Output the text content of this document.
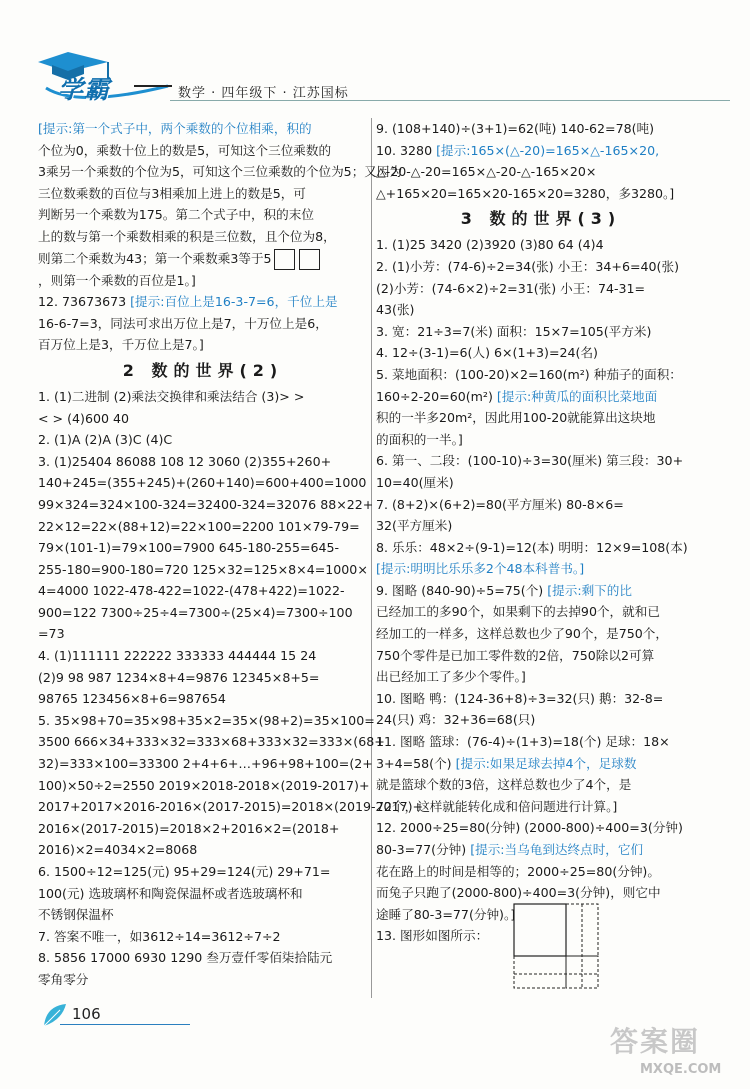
学霸	数学 · 四年级下 · 江苏国标
[提示:第一个式子中，两个乘数的个位相乘，积的
个位为0，乘数十位上的数是5，可知这个三位乘数的
3乘另一个乘数的个位为5，可知这个三位乘数的个位为5；又因为
三位数乘数的百位与3相乘加上进上的数是5，可
判断另一个乘数为175。第二个式子中，积的末位
上的数与第一个乘数相乘的积是三位数，且个位为8，
则第二个乘数为43；第一个乘数乘3等于5
，则第一个乘数的百位是1。]
12. 73673673 [提示:百位上是16-3-7=6，千位上是
16-6-7=3，同法可求出万位上是7，十万位上是6，
百万位上是3，千万位上是7。]
2 数的世界(2)
1. (1)二进制 (2)乘法交换律和乘法结合 (3)> >
< > (4)600 40
2. (1)A (2)A (3)C (4)C
3. (1)25404 86088 108 12 3060 (2)355+260+
140+245=(355+245)+(260+140)=600+400=1000
99×324=324×100-324=32400-324=32076 88×22+
22×12=22×(88+12)=22×100=2200 101×79-79=
79×(101-1)=79×100=7900 645-180-255=645-
255-180=900-180=720 125×32=125×8×4=1000×
4=4000 1022-478-422=1022-(478+422)=1022-
900=122 7300÷25÷4=7300÷(25×4)=7300÷100
=73
4. (1)111111 222222 333333 444444 15 24
(2)9 98 987 1234×8+4=9876 12345×8+5=
98765 123456×8+6=987654
5. 35×98+70=35×98+35×2=35×(98+2)=35×100=
3500 666×34+333×32=333×68+333×32=333×(68+
32)=333×100=33300 2+4+6+…+96+98+100=(2+
100)×50÷2=2550 2019×2018-2018×(2019-2017)+
2017+2017×2016-2016×(2017-2015)=2018×(2019-2017)+
2016×(2017-2015)=2018×2+2016×2=(2018+
2016)×2=4034×2=8068
6. 1500÷12=125(元) 95+29=124(元) 29+71=
100(元) 选玻璃杯和陶瓷保温杯或者选玻璃杯和
不锈钢保温杯
7. 答案不唯一，如3612÷14=3612÷7÷2
8. 5856 17000 6930 1290 叁万壹仟零佰柒拾陆元
零角零分
9. (108+140)÷(3+1)=62(吨) 140-62=78(吨)
10. 3280 [提示:165×(△-20)=165×△-165×20,
△-20-△-20=165×△-20-△-165×20×
△+165×20=165×20-165×20=3280，多3280。]
3 数的世界(3)
1. (1)25 3420 (2)3920 (3)80 64 (4)4
2. (1)小芳：(74-6)÷2=34(张) 小王：34+6=40(张)
(2)小芳：(74-6×2)÷2=31(张) 小王：74-31=
43(张)
3. 宽：21÷3=7(米) 面积：15×7=105(平方米)
4. 12÷(3-1)=6(人) 6×(1+3)=24(名)
5. 菜地面积：(100-20)×2=160(m²) 种茄子的面积：
160÷2-20=60(m²) [提示:种黄瓜的面积比菜地面
积的一半多20m²，因此用100-20就能算出这块地
的面积的一半。]
6. 第一、二段：(100-10)÷3=30(厘米) 第三段：30+
10=40(厘米)
7. (8+2)×(6+2)=80(平方厘米) 80-8×6=
32(平方厘米)
8. 乐乐：48×2÷(9-1)=12(本) 明明：12×9=108(本)
[提示:明明比乐乐多2个48本科普书。]
9. 图略 (840-90)÷5=75(个) [提示:剩下的比
已经加工的多90个，如果剩下的去掉90个，就和已
经加工的一样多，这样总数也少了90个，是750个，
750个零件是已加工零件数的2倍，750除以2可算
出已经加工了多少个零件。]
10. 图略 鸭：(124-36+8)÷3=32(只) 鹅：32-8=
24(只) 鸡：32+36=68(只)
11. 图略 篮球：(76-4)÷(1+3)=18(个) 足球：18×
3+4=58(个) [提示:如果足球去掉4个，足球数
就是篮球个数的3倍，这样总数也少了4个，是
72个，这样就能转化成和倍问题进行计算。]
12. 2000÷25=80(分钟) (2000-800)÷400=3(分钟)
80-3=77(分钟) [提示:当乌龟到达终点时，它们
花在路上的时间是相等的；2000÷25=80(分钟)。
而兔子只跑了(2000-800)÷400=3(分钟)，则它中
途睡了80-3=77(分钟)。]
13. 图形如图所示：
106
答案圈
MXQE.COM
